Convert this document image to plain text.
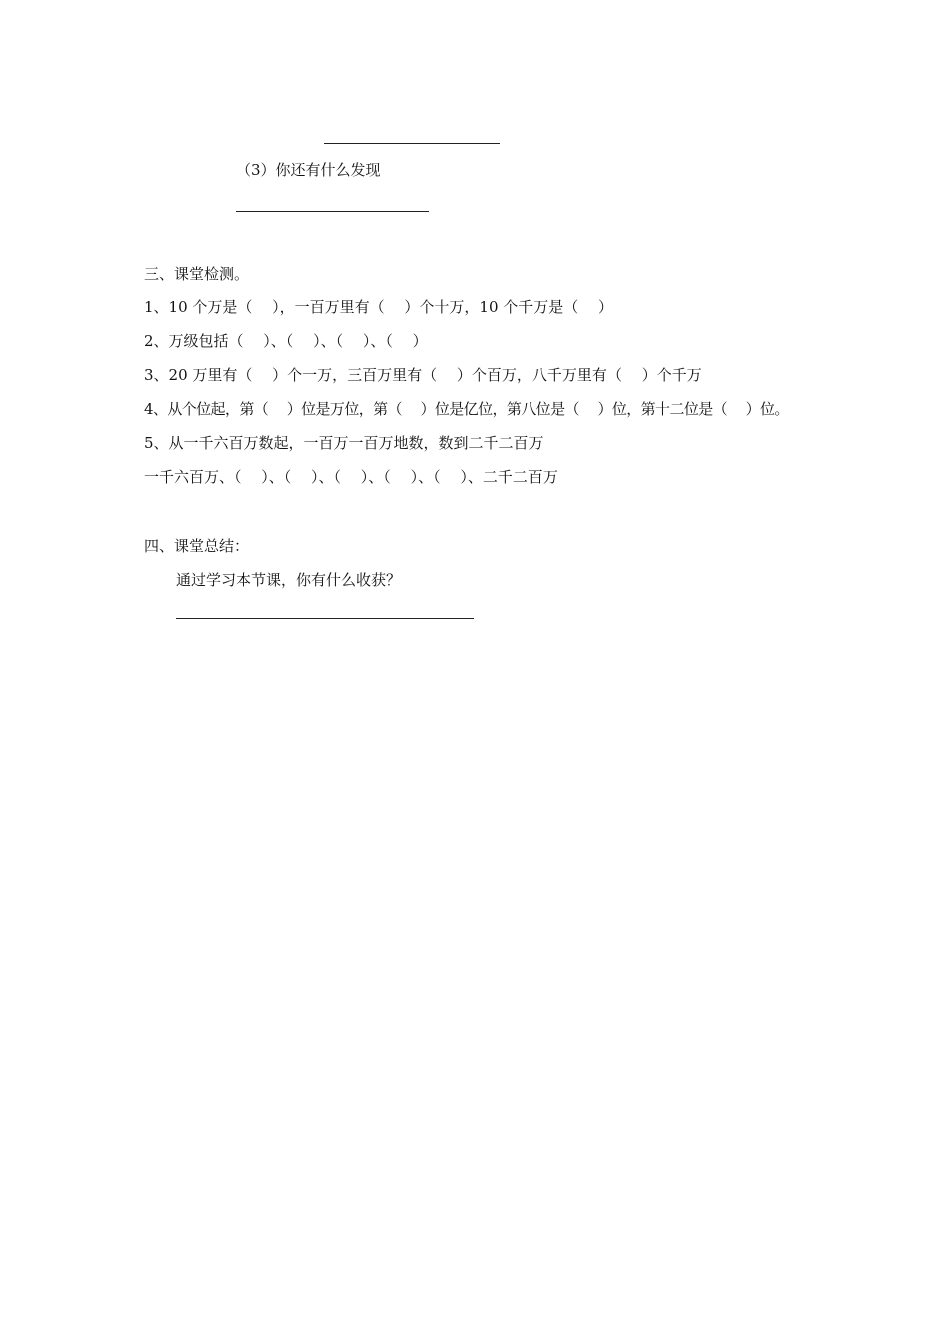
（3）你还有什么发现
三、课堂检测。
1、10 个万是（　 ），一百万里有（　 ）个十万，10 个千万是（　 ）
2、万级包括（　 ）、（　 ）、（　 ）、（　 ）
3、20 万里有（　 ）个一万，三百万里有（　 ）个百万，八千万里有（　 ）个千万
4、从个位起，第（　 ）位是万位，第（　 ）位是亿位，第八位是（　 ）位，第十二位是（　 ）位。
5、从一千六百万数起，一百万一百万地数，数到二千二百万
一千六百万、（　 ）、（　 ）、（　 ）、（　 ）、（　 ）、二千二百万
四、课堂总结：
通过学习本节课，你有什么收获？
